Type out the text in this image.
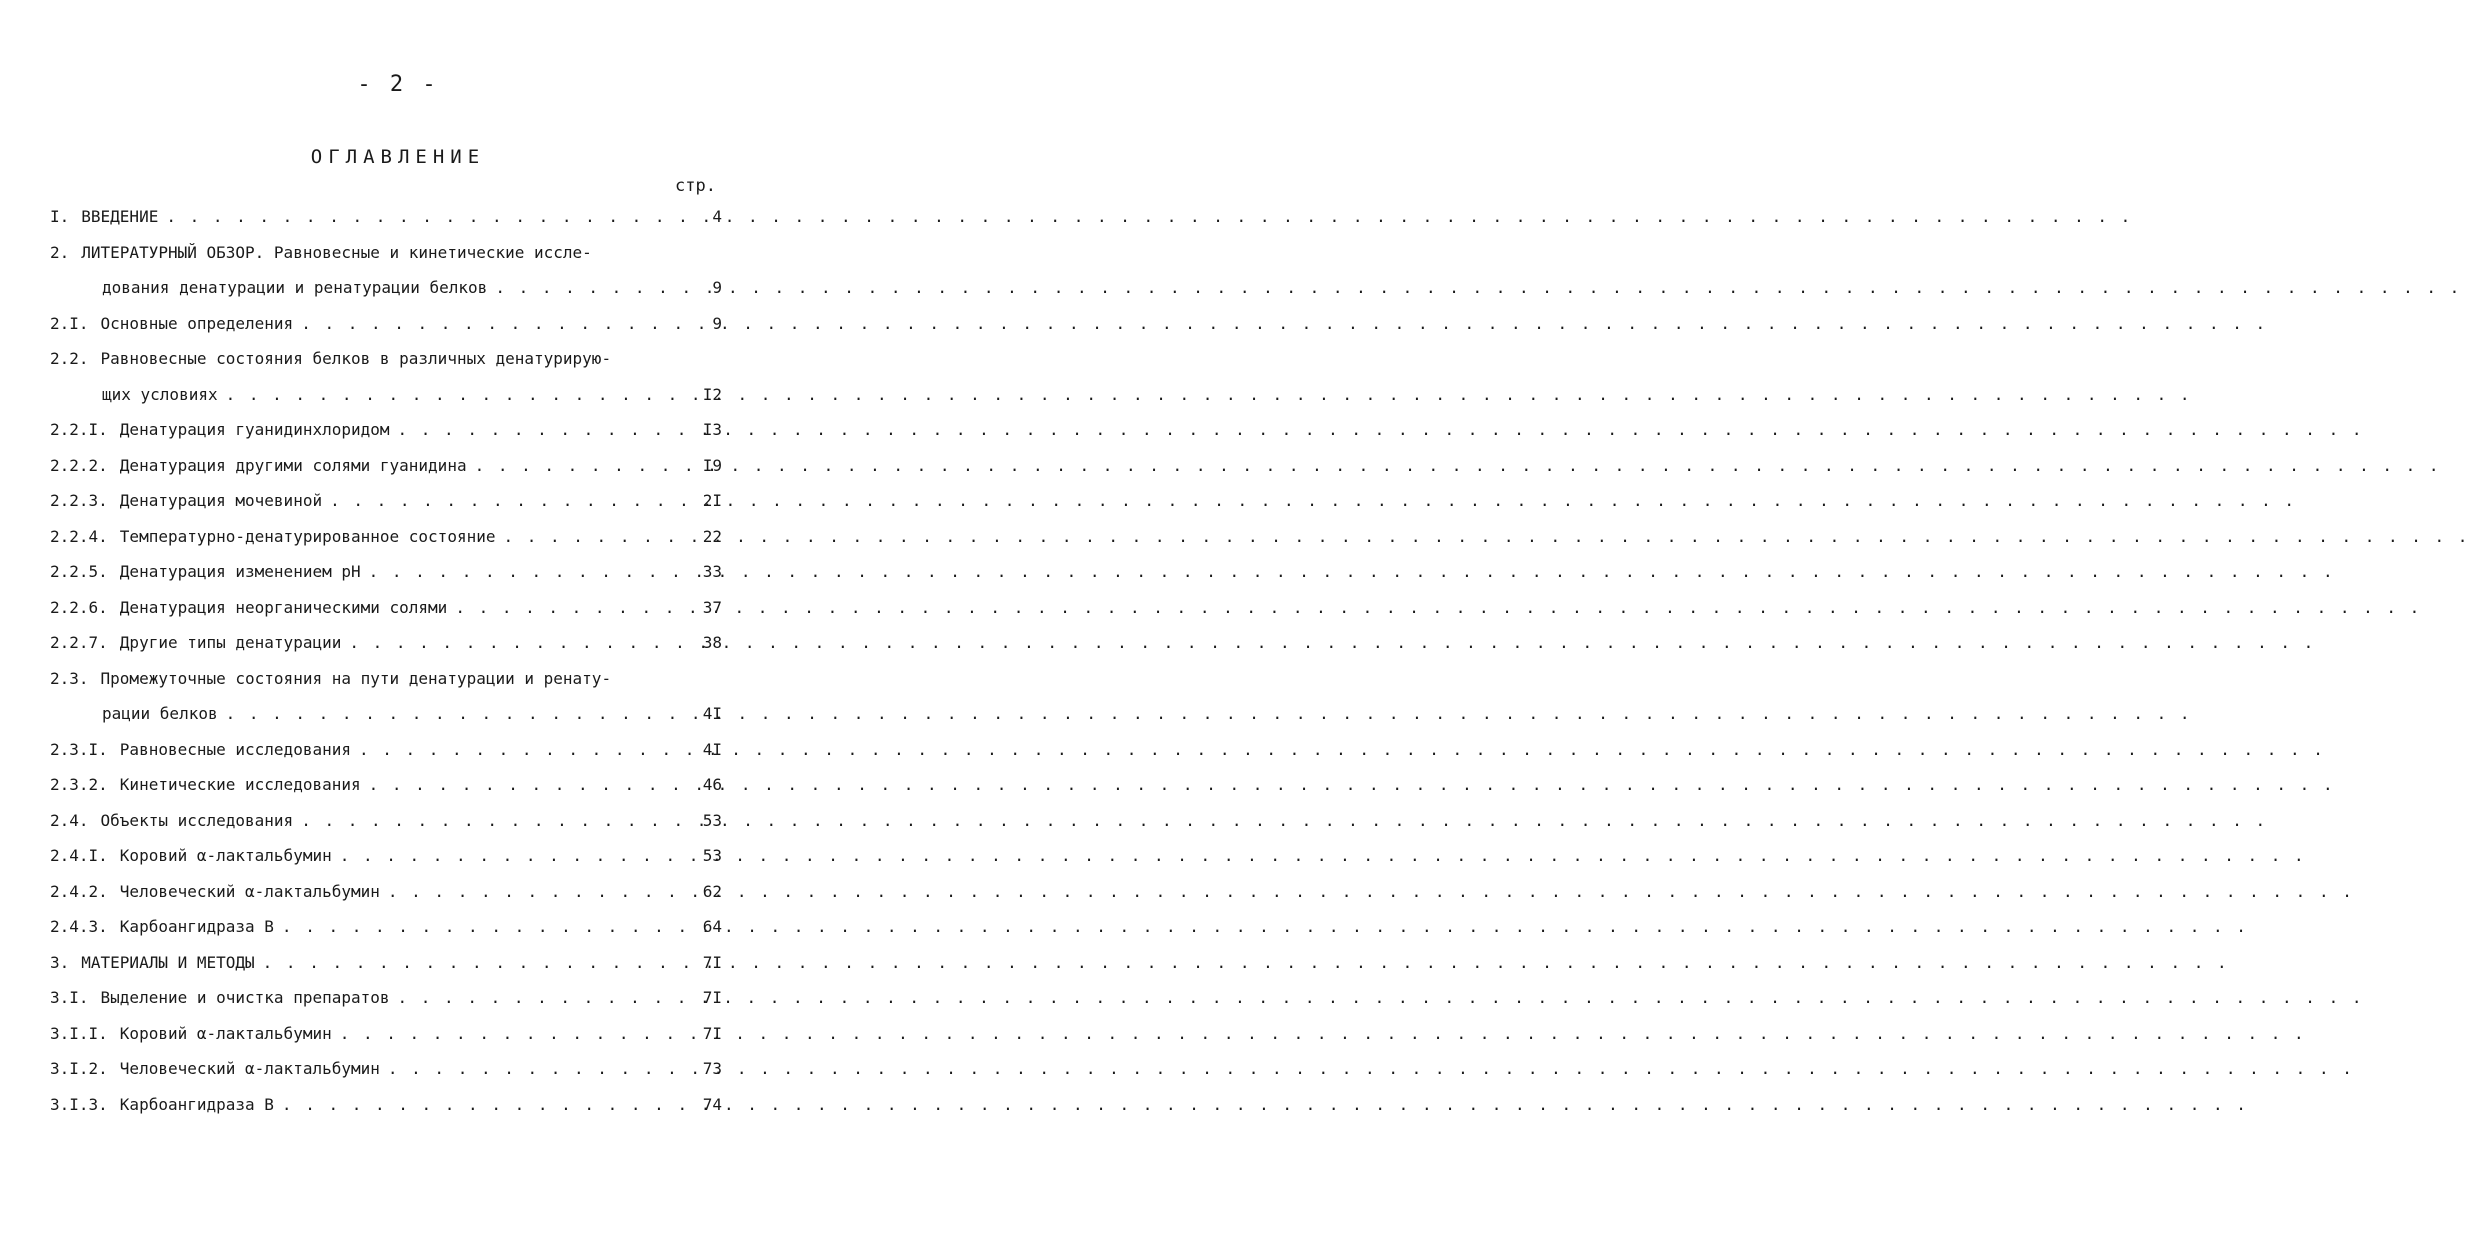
- 2 -
ОГЛАВЛЕНИЕ
стр.
I. ВВЕДЕНИЕ . . .	4
2. ЛИТЕРАТУРНЫЙ ОБЗОР. Равновесные и кинетические иссле-
дования денатурации и ренатурации белков . . .	9
2.I. Основные определения . . .	9
2.2. Равновесные состояния белков в различных денатурирую-
щих условиях . . .	I2
2.2.I. Денатурация гуанидинхлоридом . . .	I3
2.2.2. Денатурация другими солями гуанидина . . .	I9
2.2.3. Денатурация мочевиной . . .	2I
2.2.4. Температурно-денатурированное состояние . . .	22
2.2.5. Денатурация изменением pH . . .	33
2.2.6. Денатурация неорганическими солями . . .	37
2.2.7. Другие типы денатурации . . .	38
2.3. Промежуточные состояния на пути денатурации и ренату-
рации белков . . .	4I
2.3.I. Равновесные исследования . . .	4I
2.3.2. Кинетические исследования . . .	46
2.4. Объекты исследования . . .	53
2.4.I. Коровий α-лактальбумин . . .	53
2.4.2. Человеческий α-лактальбумин . . .	62
2.4.3. Карбоангидраза B . . .	64
3. МАТЕРИАЛЫ И МЕТОДЫ . . .	7I
3.I. Выделение и очистка препаратов . . .	7I
3.I.I. Коровий α-лактальбумин . . .	7I
3.I.2. Человеческий α-лактальбумин . . .	73
3.I.3. Карбоангидраза B . . .	74
